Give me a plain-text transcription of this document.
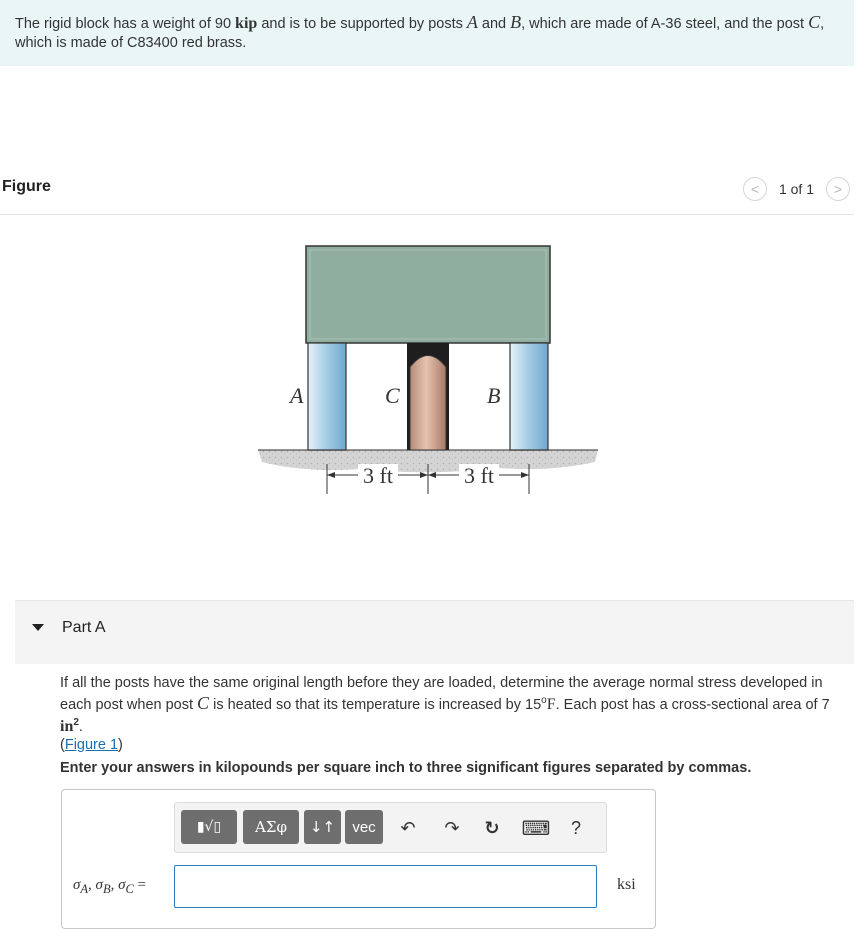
The rigid block has a weight of 90 kip and is to be supported by posts A and B, which are made of A-36 steel, and the post C, which is made of C83400 red brass.
Figure	< 1 of 1 >
A	C	B
3 ft	3 ft
Part A
If all the posts have the same original length before they are loaded, determine the average normal stress developed in each post when post C is heated so that its temperature is increased by 15$^o$F. Each post has a cross-sectional area of 7 $in^2$.
(Figure 1)
Enter your answers in kilopounds per square inch to three significant figures separated by commas.
▮√▯	ΑΣφ	↓↑	vec	↶	↷	↻	⌨	?
$\sigma_A$, $\sigma_B$, $\sigma_C$ =	ksi
